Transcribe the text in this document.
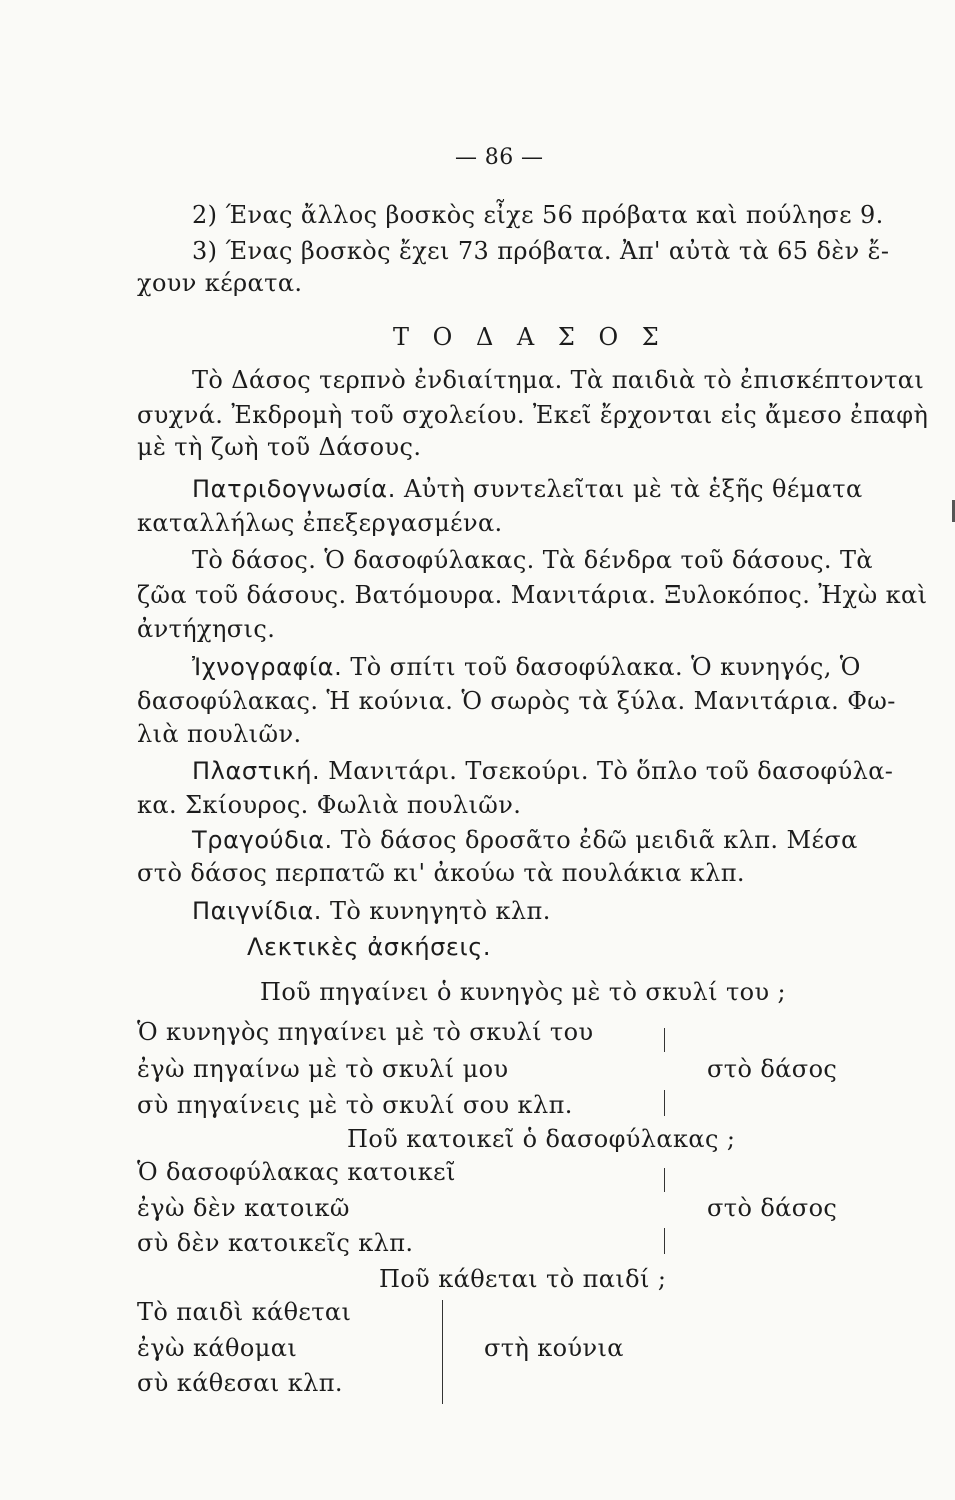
— 86 —
2) Ένας ἄλλος βοσκὸς εἶχε 56 πρόβατα καὶ πούλησε 9.
3) Ένας βοσκὸς ἔχει 73 πρόβατα. Ἀπ' αὐτὰ τὰ 65 δὲν ἔ-
χουν κέρατα.
Τ Ο Δ Α Σ Ο Σ
Τὸ Δάσος τερπνὸ ἐνδιαίτημα. Τὰ παιδιὰ τὸ ἐπισκέπτονται
συχνά. Ἐκδρομὴ τοῦ σχολείου. Ἐκεῖ ἔρχονται εἰς ἄμεσο ἐπαφὴ
μὲ τὴ ζωὴ τοῦ Δάσους.
Πατριδογνωσία. Αὐτὴ συντελεῖται μὲ τὰ ἑξῆς θέματα
καταλλήλως ἐπεξεργασμένα.
Τὸ δάσος. Ὁ δασοφύλακας. Τὰ δένδρα τοῦ δάσους. Τὰ
ζῶα τοῦ δάσους. Βατόμουρα. Μανιτάρια. Ξυλοκόπος. Ἠχὼ καὶ
ἀντήχησις.
Ἰχνογραφία. Τὸ σπίτι τοῦ δασοφύλακα. Ὁ κυνηγός, Ὁ
δασοφύλακας. Ἡ κούνια. Ὁ σωρὸς τὰ ξύλα. Μανιτάρια. Φω-
λιὰ πουλιῶν.
Πλαστική. Μανιτάρι. Τσεκούρι. Τὸ ὅπλο τοῦ δασοφύλα-
κα. Σκίουρος. Φωλιὰ πουλιῶν.
Τραγούδια. Τὸ δάσος δροσᾶτο ἐδῶ μειδιᾶ κλπ. Μέσα
στὸ δάσος περπατῶ κι' ἀκούω τὰ πουλάκια κλπ.
Παιγνίδια. Τὸ κυνηγητὸ κλπ.
Λεκτικὲς ἀσκήσεις.
Ποῦ πηγαίνει ὁ κυνηγὸς μὲ τὸ σκυλί του ;
Ὁ κυνηγὸς πηγαίνει μὲ τὸ σκυλί του
ἐγὼ πηγαίνω μὲ τὸ σκυλί μου
σὺ πηγαίνεις μὲ τὸ σκυλί σου κλπ.
στὸ δάσος
Ποῦ κατοικεῖ ὁ δασοφύλακας ;
Ὁ δασοφύλακας κατοικεῖ
ἐγὼ δὲν κατοικῶ
σὺ δὲν κατοικεῖς κλπ.
στὸ δάσος
Ποῦ κάθεται τὸ παιδί ;
Τὸ παιδὶ κάθεται
ἐγὼ κάθομαι
σὺ κάθεσαι κλπ.
στὴ κούνια
